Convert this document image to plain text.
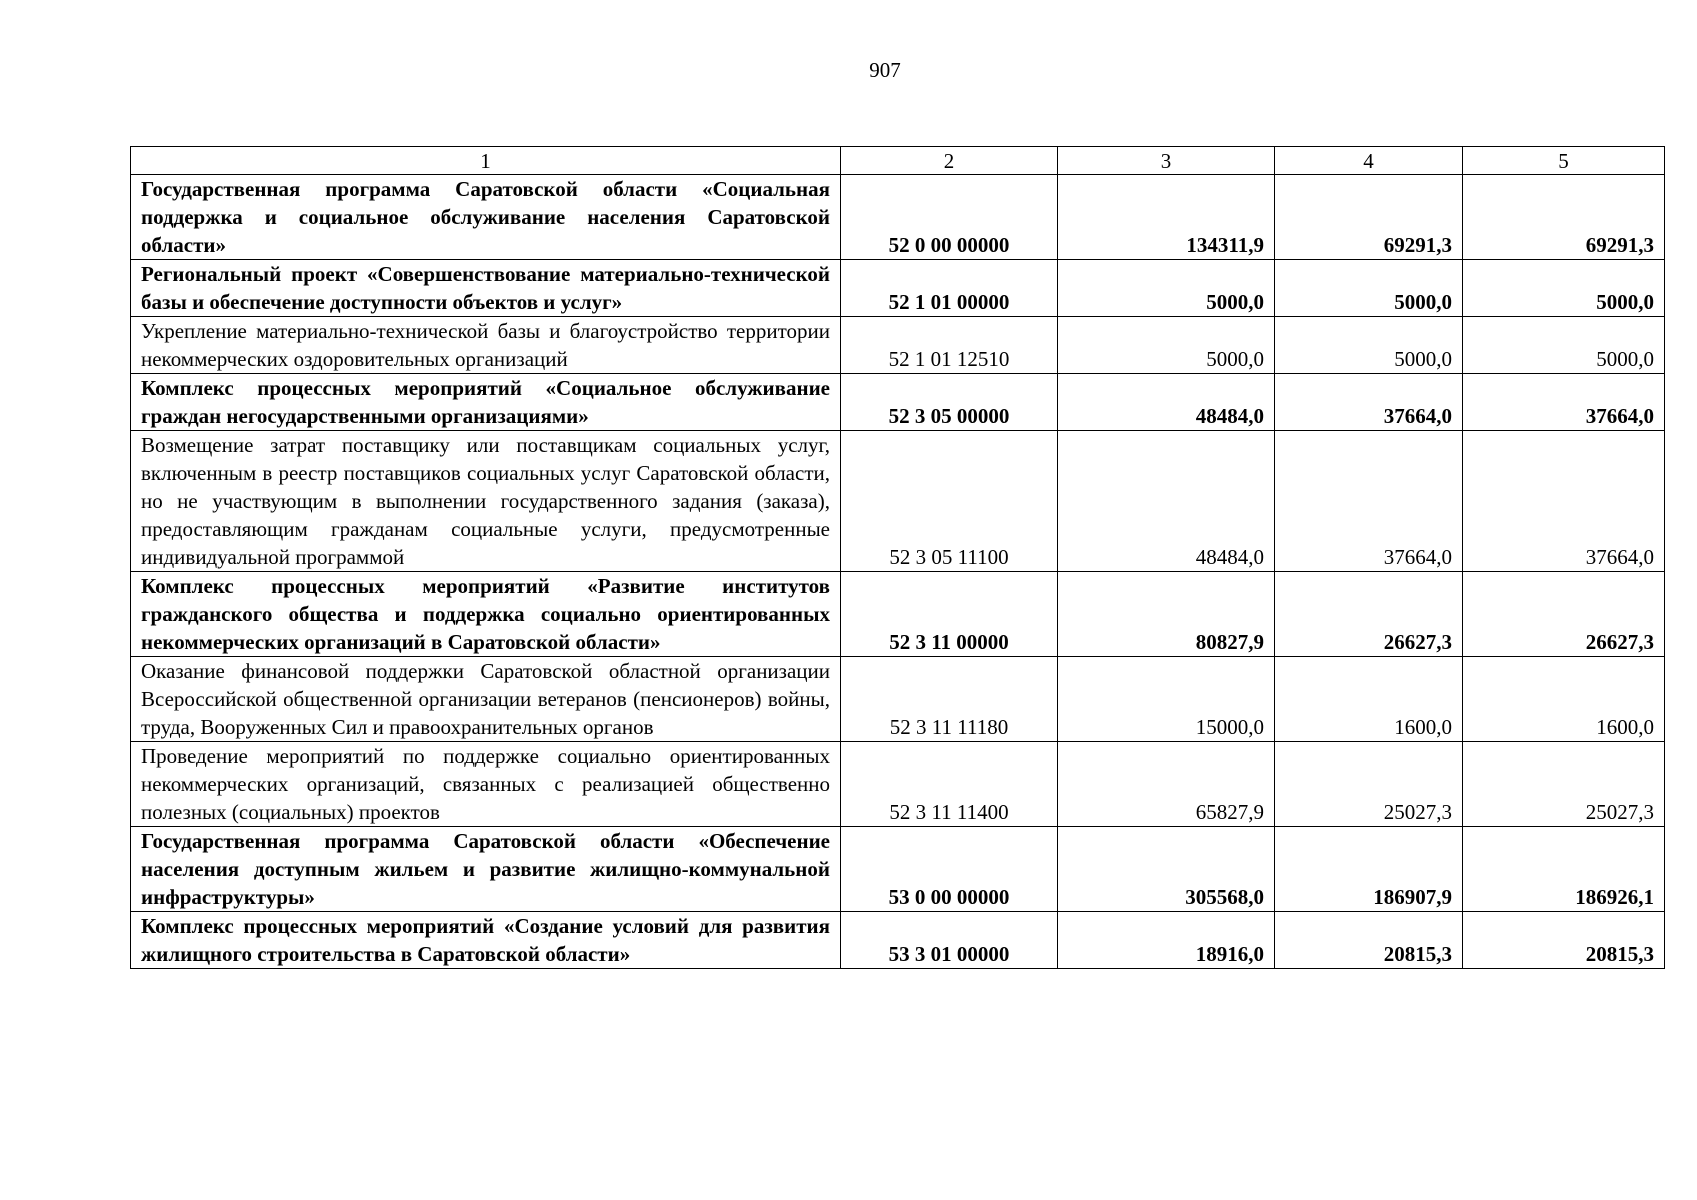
907
1	2	3	4	5
Государственная программа Саратовской области «Социальная поддержка и социальное обслуживание населения Саратовской области»	52 0 00 00000	134311,9	69291,3	69291,3
Региональный проект «Совершенствование материально-технической базы и обеспечение доступности объектов и услуг»	52 1 01 00000	5000,0	5000,0	5000,0
Укрепление материально-технической базы и благоустройство территории некоммерческих оздоровительных организаций	52 1 01 12510	5000,0	5000,0	5000,0
Комплекс процессных мероприятий «Социальное обслуживание граждан негосударственными организациями»	52 3 05 00000	48484,0	37664,0	37664,0
Возмещение затрат поставщику или поставщикам социальных услуг, включенным в реестр поставщиков социальных услуг Саратовской области, но не участвующим в выполнении государственного задания (заказа), предоставляющим гражданам социальные услуги, предусмотренные индивидуальной программой	52 3 05 11100	48484,0	37664,0	37664,0
Комплекс процессных мероприятий «Развитие институтов гражданского общества и поддержка социально ориентированных некоммерческих организаций в Саратовской области»	52 3 11 00000	80827,9	26627,3	26627,3
Оказание финансовой поддержки Саратовской областной организации Всероссийской общественной организации ветеранов (пенсионеров) войны, труда, Вооруженных Сил и правоохранительных органов	52 3 11 11180	15000,0	1600,0	1600,0
Проведение мероприятий по поддержке социально ориентированных некоммерческих организаций, связанных с реализацией общественно полезных (социальных) проектов	52 3 11 11400	65827,9	25027,3	25027,3
Государственная программа Саратовской области «Обеспечение населения доступным жильем и развитие жилищно-коммунальной инфраструктуры»	53 0 00 00000	305568,0	186907,9	186926,1
Комплекс процессных мероприятий «Создание условий для развития жилищного строительства в Саратовской области»	53 3 01 00000	18916,0	20815,3	20815,3
